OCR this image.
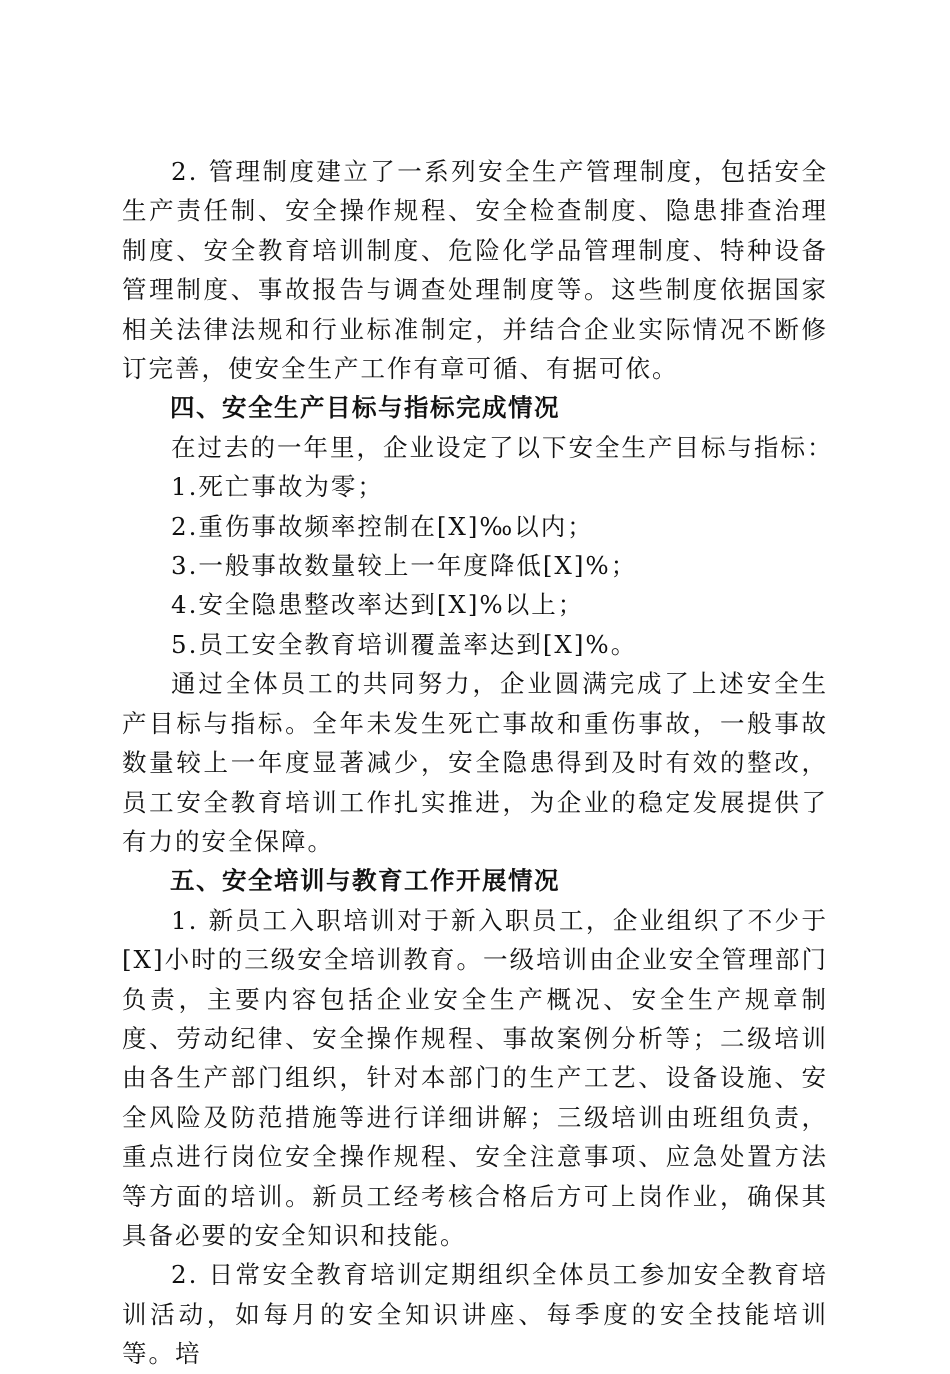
2. 管理制度建立了一系列安全生产管理制度，包括安全生产责任制、安全操作规程、安全检查制度、隐患排查治理制度、安全教育培训制度、危险化学品管理制度、特种设备管理制度、事故报告与调查处理制度等。这些制度依据国家相关法律法规和行业标准制定，并结合企业实际情况不断修订完善，使安全生产工作有章可循、有据可依。

四、安全生产目标与指标完成情况

在过去的一年里，企业设定了以下安全生产目标与指标：

1.死亡事故为零；

2.重伤事故频率控制在[X]‰以内；

3.一般事故数量较上一年度降低[X]%；

4.安全隐患整改率达到[X]%以上；

5.员工安全教育培训覆盖率达到[X]%。

通过全体员工的共同努力，企业圆满完成了上述安全生产目标与指标。全年未发生死亡事故和重伤事故，一般事故数量较上一年度显著减少，安全隐患得到及时有效的整改，员工安全教育培训工作扎实推进，为企业的稳定发展提供了有力的安全保障。

五、安全培训与教育工作开展情况

1. 新员工入职培训对于新入职员工，企业组织了不少于[X]小时的三级安全培训教育。一级培训由企业安全管理部门负责，主要内容包括企业安全生产概况、安全生产规章制度、劳动纪律、安全操作规程、事故案例分析等；二级培训由各生产部门组织，针对本部门的生产工艺、设备设施、安全风险及防范措施等进行详细讲解；三级培训由班组负责，重点进行岗位安全操作规程、安全注意事项、应急处置方法等方面的培训。新员工经考核合格后方可上岗作业，确保其具备必要的安全知识和技能。

2. 日常安全教育培训定期组织全体员工参加安全教育培训活动，如每月的安全知识讲座、每季度的安全技能培训等。培
